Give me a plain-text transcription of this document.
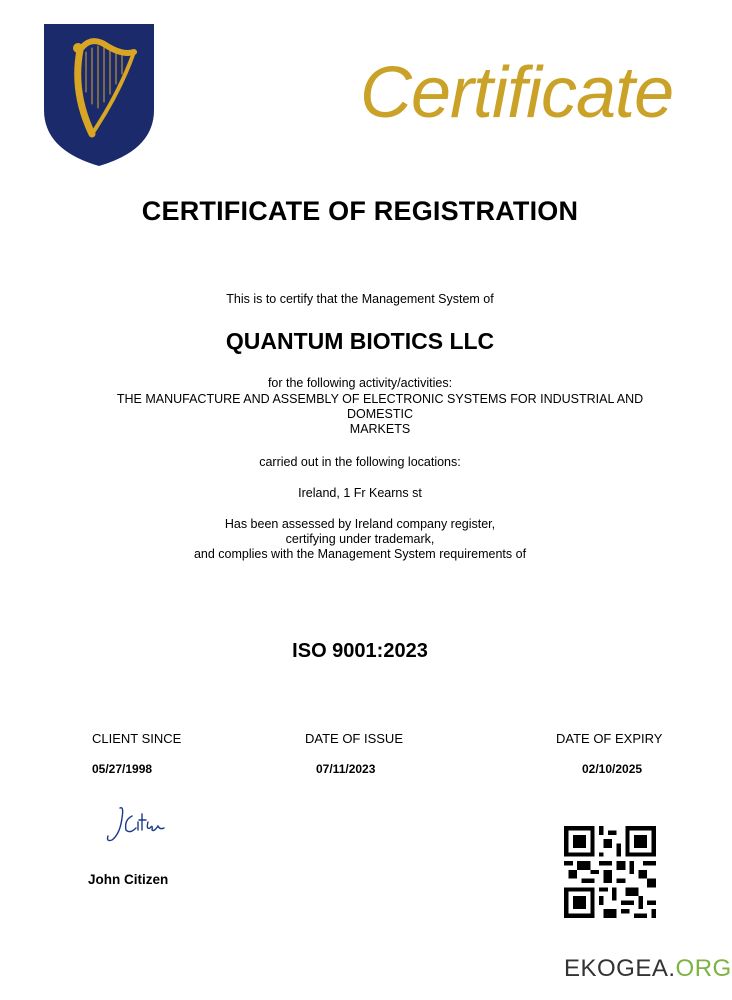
Certificate
CERTIFICATE OF REGISTRATION
This is to certify that the Management System of
QUANTUM BIOTICS LLC
for the following activity/activities:
THE MANUFACTURE AND ASSEMBLY OF ELECTRONIC SYSTEMS FOR INDUSTRIAL AND
DOMESTIC
MARKETS
carried out in the following locations:
Ireland, 1 Fr Kearns st
Has been assessed by Ireland company register,
certifying under trademark,
and complies with the Management System requirements of
ISO 9001:2023
CLIENT SINCE
05/27/1998
DATE OF ISSUE
07/11/2023
DATE OF EXPIRY
02/10/2025
John Citizen
EKOGEA.ORG
